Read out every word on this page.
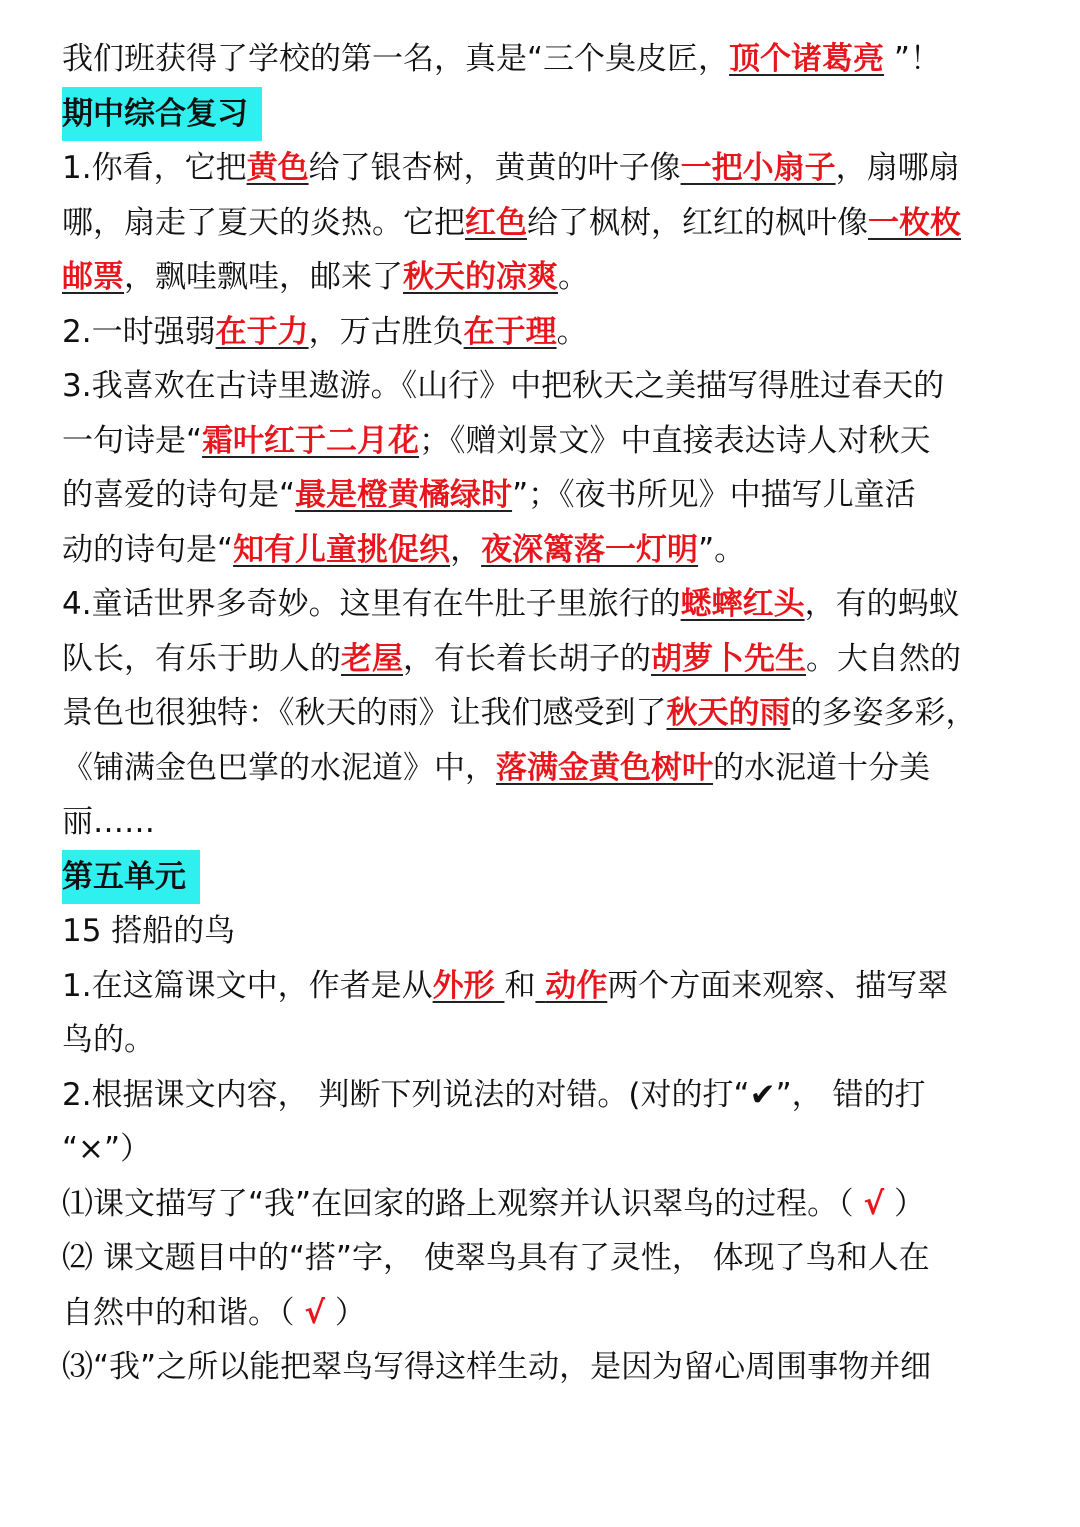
我们班获得了学校的第一名，真是“三个臭皮匠，顶个诸葛亮 ”！
期中综合复习
1.你看，它把黄色给了银杏树，黄黄的叶子像一把小扇子，扇哪扇
哪，扇走了夏天的炎热。它把红色给了枫树，红红的枫叶像一枚枚
邮票，飘哇飘哇，邮来了秋天的凉爽。
2.一时强弱在于力，万古胜负在于理。
3.我喜欢在古诗里遨游。《山行》中把秋天之美描写得胜过春天的
一句诗是“霜叶红于二月花；《赠刘景文》中直接表达诗人对秋天
的喜爱的诗句是“最是橙黄橘绿时”；《夜书所见》中描写儿童活
动的诗句是“知有儿童挑促织，夜深篱落一灯明”。
4.童话世界多奇妙。这里有在牛肚子里旅行的蟋蟀红头，有的蚂蚁
队长，有乐于助人的老屋，有长着长胡子的胡萝卜先生。大自然的
景色也很独特：《秋天的雨》让我们感受到了秋天的雨的多姿多彩，
《铺满金色巴掌的水泥道》中，落满金黄色树叶的水泥道十分美
丽……
第五单元
15 搭船的鸟
1.在这篇课文中，作者是从外形 和 动作两个方面来观察、描写翠
鸟的。
2.根据课文内容， 判断下列说法的对错。(对的打“✔”， 错的打
“×”）
⑴课文描写了“我”在回家的路上观察并认识翠鸟的过程。（ √ ）
⑵ 课文题目中的“搭”字， 使翠鸟具有了灵性， 体现了鸟和人在
自然中的和谐。（ √ ）
⑶“我”之所以能把翠鸟写得这样生动，是因为留心周围事物并细
